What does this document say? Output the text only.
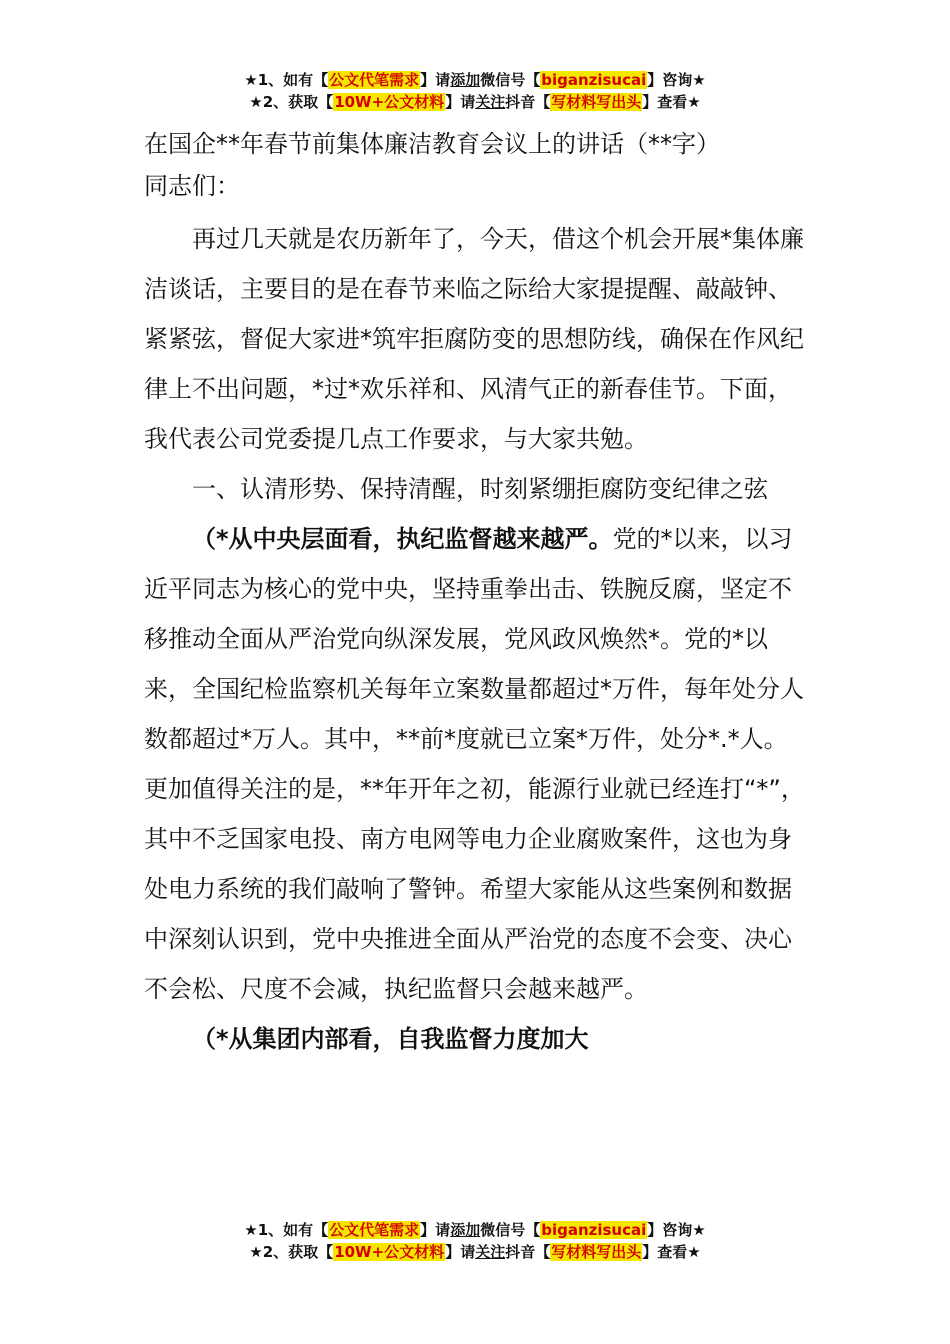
★1、如有【公文代笔需求】请添加微信号【biganzisucai】咨询★
★2、获取【10W+公文材料】请关注抖音【写材料写出头】查看★

在国企**年春节前集体廉洁教育会议上的讲话（**字）

同志们：

再过几天就是农历新年了，今天，借这个机会开展*集体廉洁谈话，主要目的是在春节来临之际给大家提提醒、敲敲钟、紧紧弦，督促大家进*筑牢拒腐防变的思想防线，确保在作风纪律上不出问题，*过*欢乐祥和、风清气正的新春佳节。下面，我代表公司党委提几点工作要求，与大家共勉。

一、认清形势、保持清醒，时刻紧绷拒腐防变纪律之弦

（*从中央层面看，执纪监督越来越严。党的*以来，以习近平同志为核心的党中央，坚持重拳出击、铁腕反腐，坚定不移推动全面从严治党向纵深发展，党风政风焕然*。党的*以来，全国纪检监察机关每年立案数量都超过*万件，每年处分人数都超过*万人。其中，**前*度就已立案*万件，处分*.*人。更加值得关注的是，**年开年之初，能源行业就已经连打“*”，其中不乏国家电投、南方电网等电力企业腐败案件，这也为身处电力系统的我们敲响了警钟。希望大家能从这些案例和数据中深刻认识到，党中央推进全面从严治党的态度不会变、决心不会松、尺度不会减，执纪监督只会越来越严。

（*从集团内部看，自我监督力度加大

★1、如有【公文代笔需求】请添加微信号【biganzisucai】咨询★
★2、获取【10W+公文材料】请关注抖音【写材料写出头】查看★
